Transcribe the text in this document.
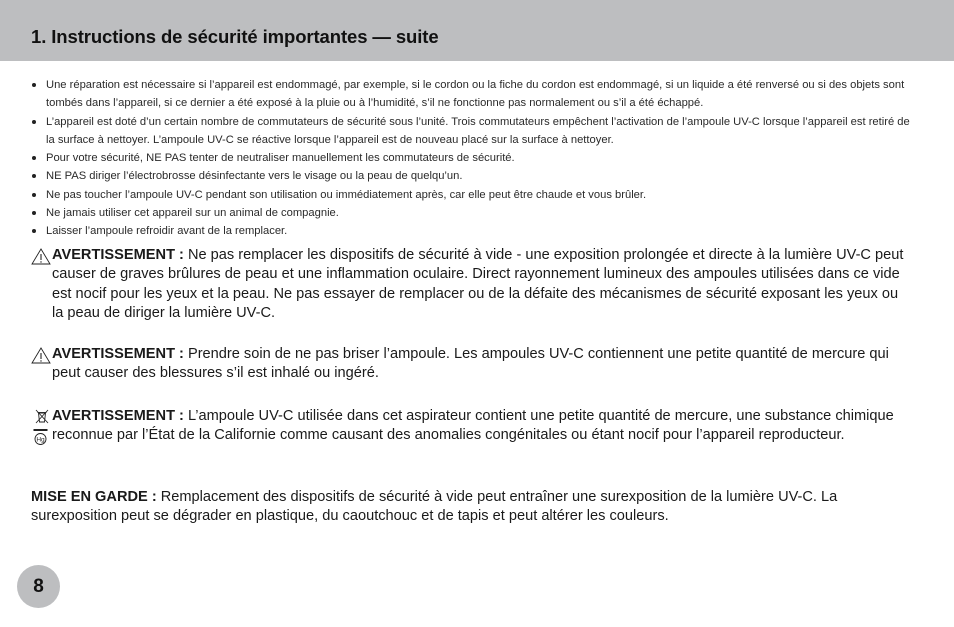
1. Instructions de sécurité importantes — suite
Une réparation est nécessaire si l’appareil est endommagé, par exemple, si le cordon ou la fiche du cordon est endommagé, si un liquide a été renversé ou si des objets sont tombés dans l’appareil, si ce dernier a été exposé à la pluie ou à l’humidité, s’il ne fonctionne pas normalement ou s’il a été échappé.
L’appareil est doté d’un certain nombre de commutateurs de sécurité sous l’unité. Trois commutateurs empêchent l’activation de l’ampoule UV-C lorsque l’appareil est retiré de la surface à nettoyer. L’ampoule UV-C se réactive lorsque l’appareil est de nouveau placé sur la surface à nettoyer.
Pour votre sécurité, NE PAS tenter de neutraliser manuellement les commutateurs de sécurité.
NE PAS diriger l’électrobrosse désinfectante vers le visage ou la peau de quelqu’un.
Ne pas toucher l’ampoule UV-C pendant son utilisation ou immédiatement après, car elle peut être chaude et vous brûler.
Ne jamais utiliser cet appareil sur un animal de compagnie.
Laisser l’ampoule refroidir avant de la remplacer.
AVERTISSEMENT : Ne pas remplacer les dispositifs de sécurité à vide - une exposition prolongée et directe à la lumière UV-C peut causer de graves brûlures de peau et une inflammation oculaire. Direct rayonnement lumineux des ampoules utilisées dans ce vide est nocif pour les yeux et la peau. Ne pas essayer de remplacer ou de la défaite des mécanismes de sécurité exposant les yeux ou la peau de diriger la lumière UV-C.
AVERTISSEMENT : Prendre soin de ne pas briser l’ampoule. Les ampoules UV-C contiennent une petite quantité de mercure qui peut causer des blessures s’il est inhalé ou ingéré.
Hg
AVERTISSEMENT : L’ampoule UV-C utilisée dans cet aspirateur contient une petite quantité de mercure, une substance chimique reconnue par l’État de la Californie comme causant des anomalies congénitales ou étant nocif pour l’appareil reproducteur.
MISE EN GARDE : Remplacement des dispositifs de sécurité à vide peut entraîner une surexposition de la lumière UV-C. La surexposition peut se dégrader en plastique, du caoutchouc et de tapis et peut altérer les couleurs.
8
